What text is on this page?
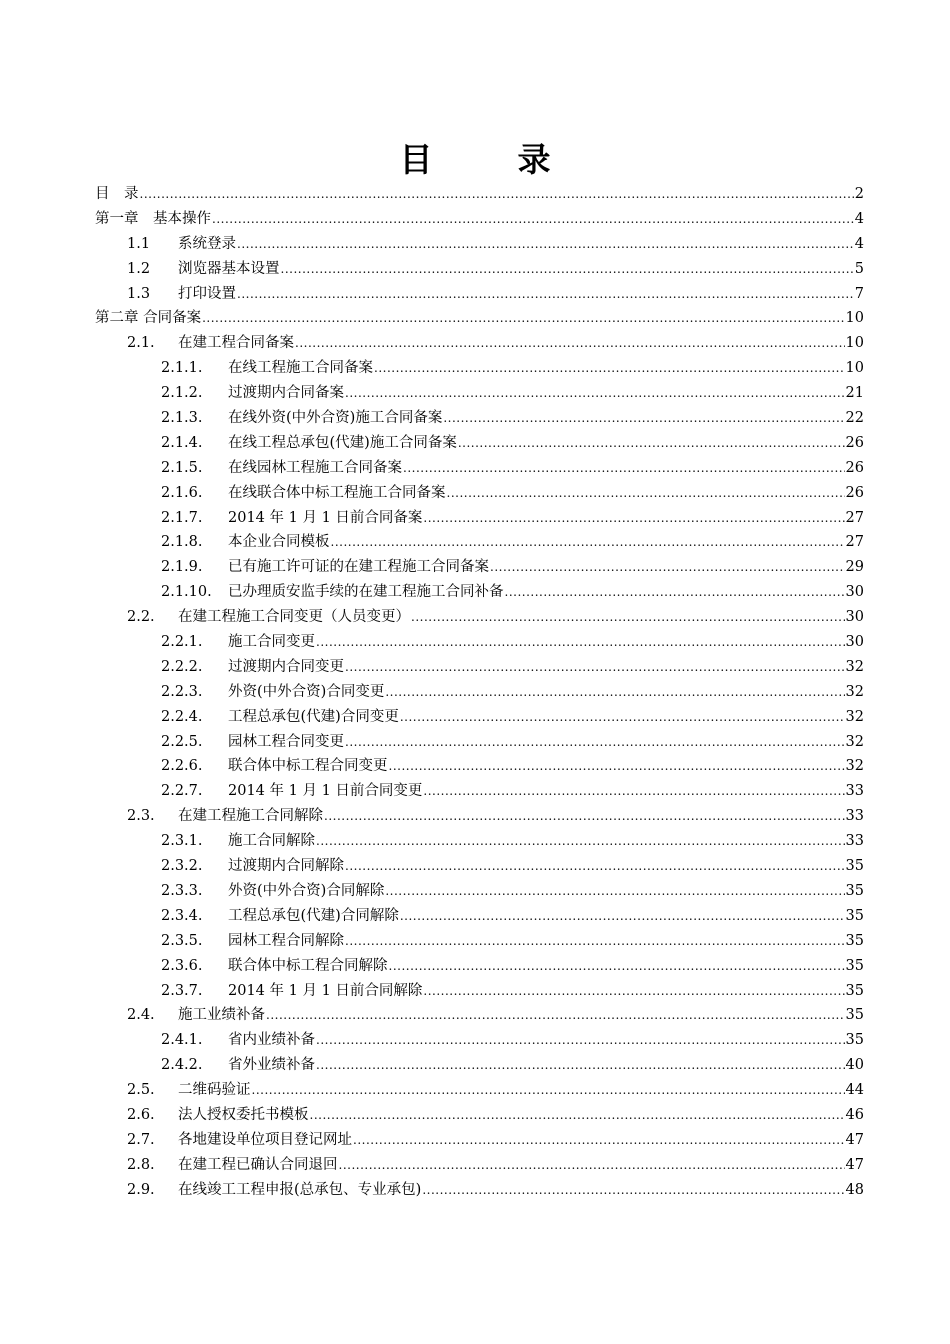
目　录
目　录 .....	2
第一章　基本操作 .....	4
1.1	系统登录 .....	4
1.2	浏览器基本设置 .....	5
1.3	打印设置 .....	7
第二章 合同备案 .....	10
2.1.	在建工程合同备案 .....	10
2.1.1.	在线工程施工合同备案 .....	10
2.1.2.	过渡期内合同备案 .....	21
2.1.3.	在线外资(中外合资)施工合同备案 .....	22
2.1.4.	在线工程总承包(代建)施工合同备案 .....	26
2.1.5.	在线园林工程施工合同备案 .....	26
2.1.6.	在线联合体中标工程施工合同备案 .....	26
2.1.7.	2014 年 1 月 1 日前合同备案 .....	27
2.1.8.	本企业合同模板 .....	27
2.1.9.	已有施工许可证的在建工程施工合同备案 .....	29
2.1.10.	已办理质安监手续的在建工程施工合同补备 .....	30
2.2.	在建工程施工合同变更（人员变更） .....	30
2.2.1.	施工合同变更 .....	30
2.2.2.	过渡期内合同变更 .....	32
2.2.3.	外资(中外合资)合同变更 .....	32
2.2.4.	工程总承包(代建)合同变更 .....	32
2.2.5.	园林工程合同变更 .....	32
2.2.6.	联合体中标工程合同变更 .....	32
2.2.7.	2014 年 1 月 1 日前合同变更 .....	33
2.3.	在建工程施工合同解除 .....	33
2.3.1.	施工合同解除 .....	33
2.3.2.	过渡期内合同解除 .....	35
2.3.3.	外资(中外合资)合同解除 .....	35
2.3.4.	工程总承包(代建)合同解除 .....	35
2.3.5.	园林工程合同解除 .....	35
2.3.6.	联合体中标工程合同解除 .....	35
2.3.7.	2014 年 1 月 1 日前合同解除 .....	35
2.4.	施工业绩补备 .....	35
2.4.1.	省内业绩补备 .....	35
2.4.2.	省外业绩补备 .....	40
2.5.	二维码验证 .....	44
2.6.	法人授权委托书模板 .....	46
2.7.	各地建设单位项目登记网址 .....	47
2.8.	在建工程已确认合同退回 .....	47
2.9.	在线竣工工程申报(总承包、专业承包) .....	48
